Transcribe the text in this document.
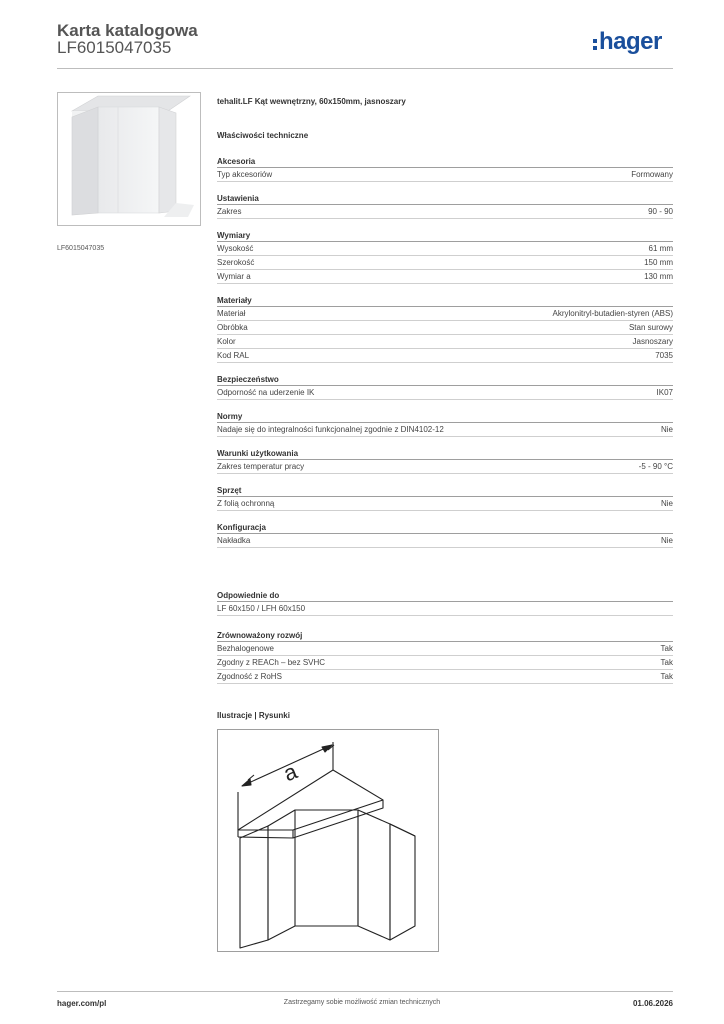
Karta katalogowa
LF6015047035	hager
LF6015047035
tehalit.LF Kąt wewnętrzny, 60x150mm, jasnoszary
Właściwości techniczne
Akcesoria
Typ akcesoriów	Formowany
Ustawienia
Zakres	90 - 90
Wymiary
Wysokość	61 mm
Szerokość	150 mm
Wymiar a	130 mm
Materiały
Materiał	Akrylonitryl-butadien-styren (ABS)
Obróbka	Stan surowy
Kolor	Jasnoszary
Kod RAL	7035
Bezpieczeństwo
Odporność na uderzenie IK	IK07
Normy
Nadaje się do integralności funkcjonalnej zgodnie z DIN4102-12	Nie
Warunki użytkowania
Zakres temperatur pracy	-5 - 90 °C
Sprzęt
Z folią ochronną	Nie
Konfiguracja
Nakładka	Nie
Odpowiednie do
LF 60x150 / LFH 60x150
Zrównoważony rozwój
Bezhalogenowe	Tak
Zgodny z REACh – bez SVHC	Tak
Zgodność z RoHS	Tak
Ilustracje | Rysunki
a
hager.com/pl	Zastrzegamy sobie możliwość zmian technicznych	01.06.2026
